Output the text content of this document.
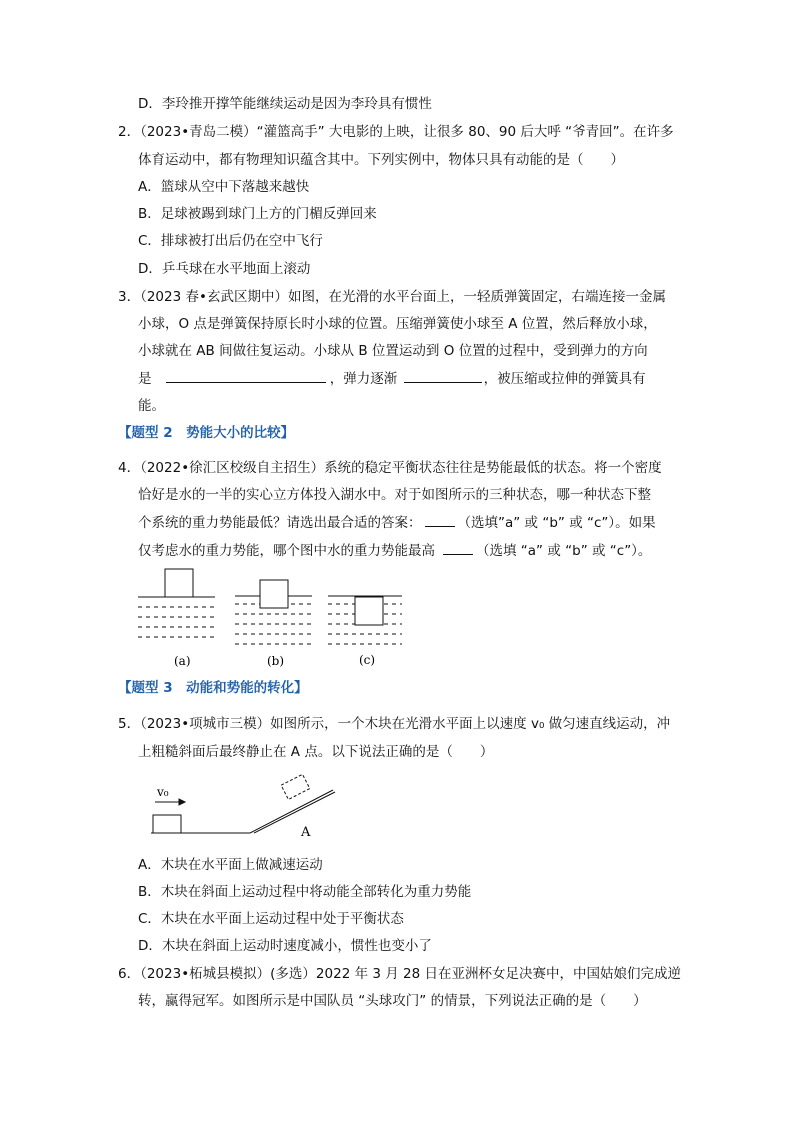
D．李玲推开撑竿能继续运动是因为李玲具有惯性
2．（2023•青岛二模）“灌篮高手” 大电影的上映，让很多 80、90 后大呼 “爷青回”。在许多
体育运动中，都有物理知识蕴含其中。下列实例中，物体只具有动能的是（　　）
A．篮球从空中下落越来越快
B．足球被踢到球门上方的门楣反弹回来
C．排球被打出后仍在空中飞行
D．乒乓球在水平地面上滚动
3．（2023 春•玄武区期中）如图，在光滑的水平台面上，一轻质弹簧固定，右端连接一金属
小球，O 点是弹簧保持原长时小球的位置。压缩弹簧使小球至 A 位置，然后释放小球，
小球就在 AB 间做往复运动。小球从 B 位置运动到 O 位置的过程中，受到弹力的方向
是	，弹力逐渐	，被压缩或拉伸的弹簧具有
能。
【题型 2　势能大小的比较】
4．（2022•徐汇区校级自主招生）系统的稳定平衡状态往往是势能最低的状态。将一个密度
恰好是水的一半的实心立方体投入湖水中。对于如图所示的三种状态，哪一种状态下整
个系统的重力势能最低？请选出最合适的答案：	（选填”a” 或 “b” 或 “c”）。如果
仅考虑水的重力势能，哪个图中水的重力势能最高	（选填 “a” 或 “b” 或 “c”）。
(a)	(b)	(c)
【题型 3　动能和势能的转化】
5．（2023•项城市三模）如图所示，一个木块在光滑水平面上以速度 v₀ 做匀速直线运动，冲
上粗糙斜面后最终静止在 A 点。以下说法正确的是（　　）
v₀
A
A．木块在水平面上做减速运动
B．木块在斜面上运动过程中将动能全部转化为重力势能
C．木块在水平面上运动过程中处于平衡状态
D．木块在斜面上运动时速度减小，惯性也变小了
6．（2023•柘城县模拟）(多选）2022 年 3 月 28 日在亚洲杯女足决赛中，中国姑娘们完成逆
转，赢得冠军。如图所示是中国队员 “头球攻门” 的情景，下列说法正确的是（　　）
